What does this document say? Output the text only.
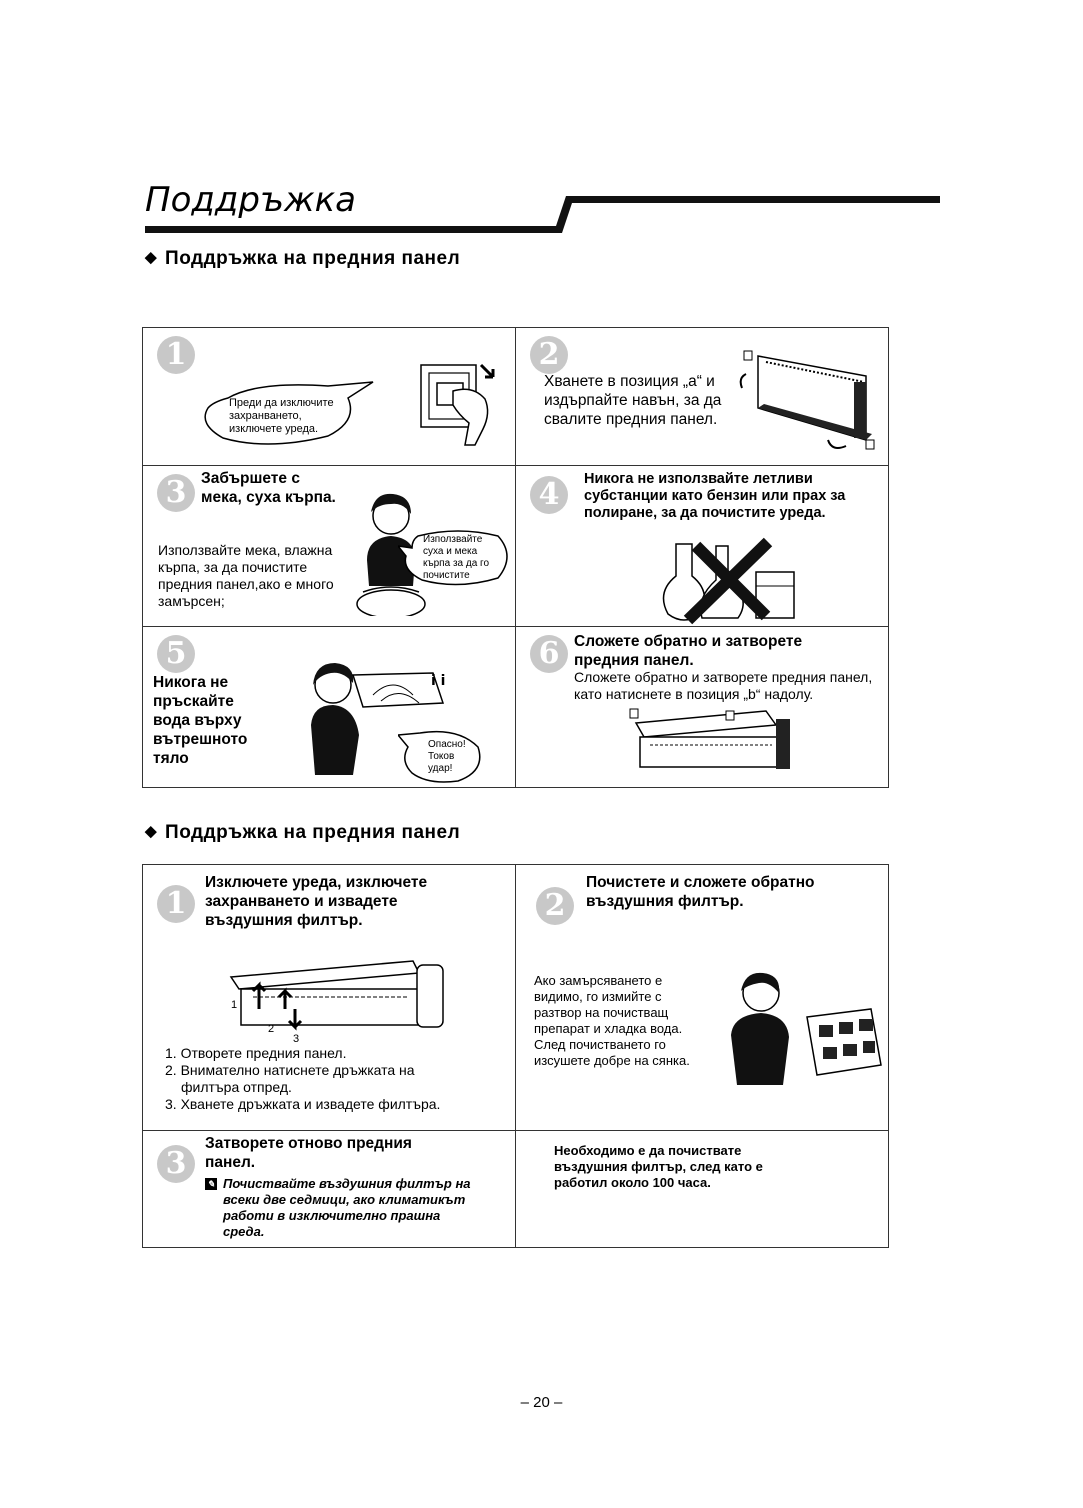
Поддръжка
◆ Поддръжка на предния панел
1
Преди да изключите
захранването,
изключете уреда.
2
Хванете в позиция „a“ и
издърпайте навън, за да
свалите предния панел.
3 Забършете с
мека, суха кърпа.
Използвайте мека, влажна
кърпа, за да почистите
предния панел,ако е много
замърсен;
Използвайте
суха и мека
кърпа за да го
почистите
4	Никога не използвайте летливи
субстанции като бензин или прах за
полиране, за да почистите уреда.
5
Никога не
пръскайте
вода върху
вътрешното
тяло
i i
Опасно!
Токов
удар!
6 Сложете обратно и затворете
предния панел.
Сложете обратно и затворете предния панел,
като натиснете в позиция „b“ надолу.
◆ Поддръжка на предния панел
1
Изключете уреда, изключете
захранването и извадете
въздушния филтър.
1
2
3
1. Отворете предния панел.
2. Внимателно натиснете дръжката на
филтъра отпред.
3. Хванете дръжката и извадете филтъра.
2
Почистете и сложете обратно
въздушния филтър.
Ако замърсяването е
видимо, го измийте с
разтвор на почистващ
препарат и хладка вода.
След почистването го
изсушете добре на сянка.
3
Затворете отново предния
панел.
✎ Почиствайте въздушния филтър на
всеки две седмици, ако климатикът
работи в изключително прашна
среда.
Необходимо е да почиствате
въздушния филтър, след като е
работил около 100 часа.
– 20 –
